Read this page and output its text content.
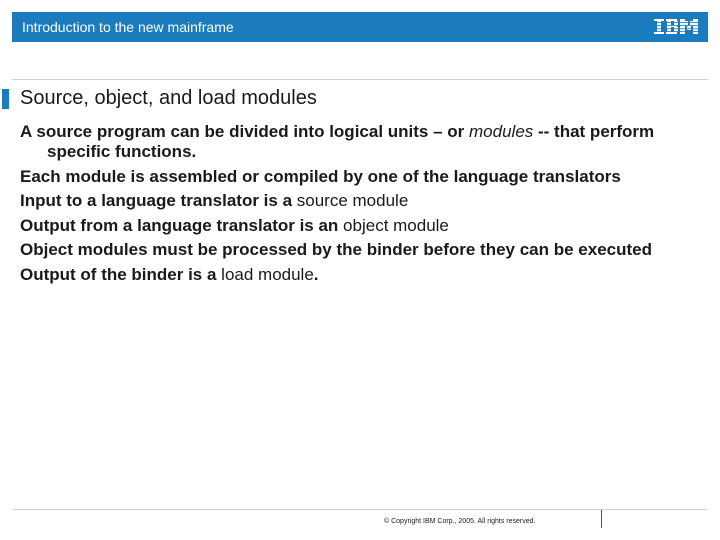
Introduction to the new mainframe
Source, object, and load modules
A source program can be divided into logical units – or modules -- that perform specific functions.
Each module is assembled or compiled by one of the language translators
Input to a language translator is a source module
Output from a language translator is an object module
Object modules must be processed by the binder before they can be executed
Output of the binder is a load module.
© Copyright IBM Corp., 2005. All rights reserved.
